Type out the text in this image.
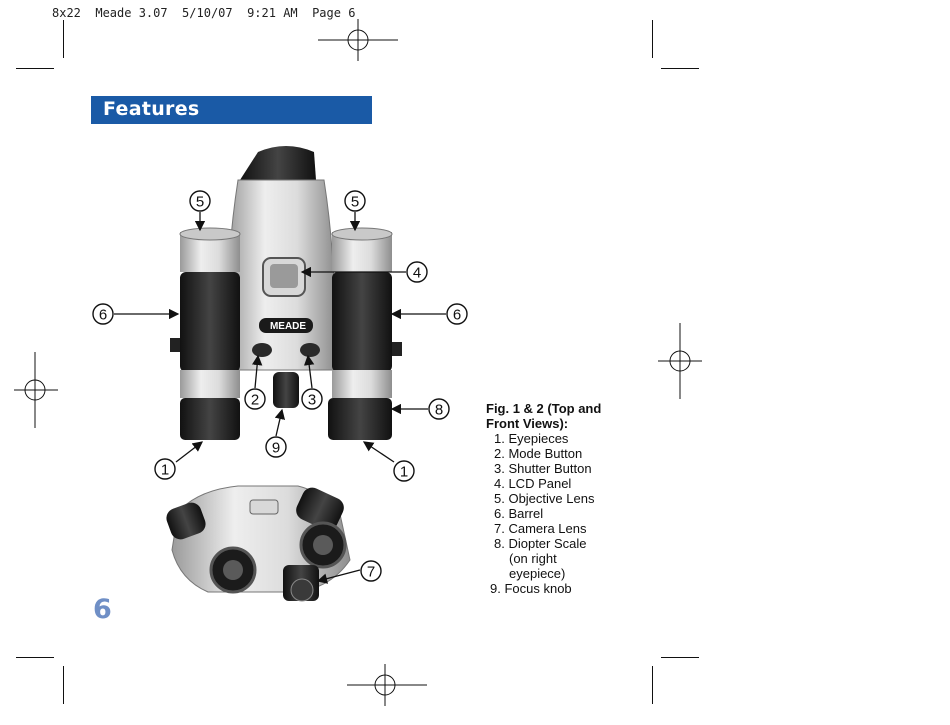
8x22  Meade 3.07  5/10/07  9:21 AM  Page 6
Features
MEADE
5	5
4
6	6
2	3
8
9
1	1
7
Fig. 1 & 2 (Top and Front Views):
1. Eyepieces
2. Mode Button
3. Shutter Button
4. LCD Panel
5. Objective Lens
6. Barrel
7. Camera Lens
8. Diopter Scale
(on right
eyepiece)
9. Focus knob
6
